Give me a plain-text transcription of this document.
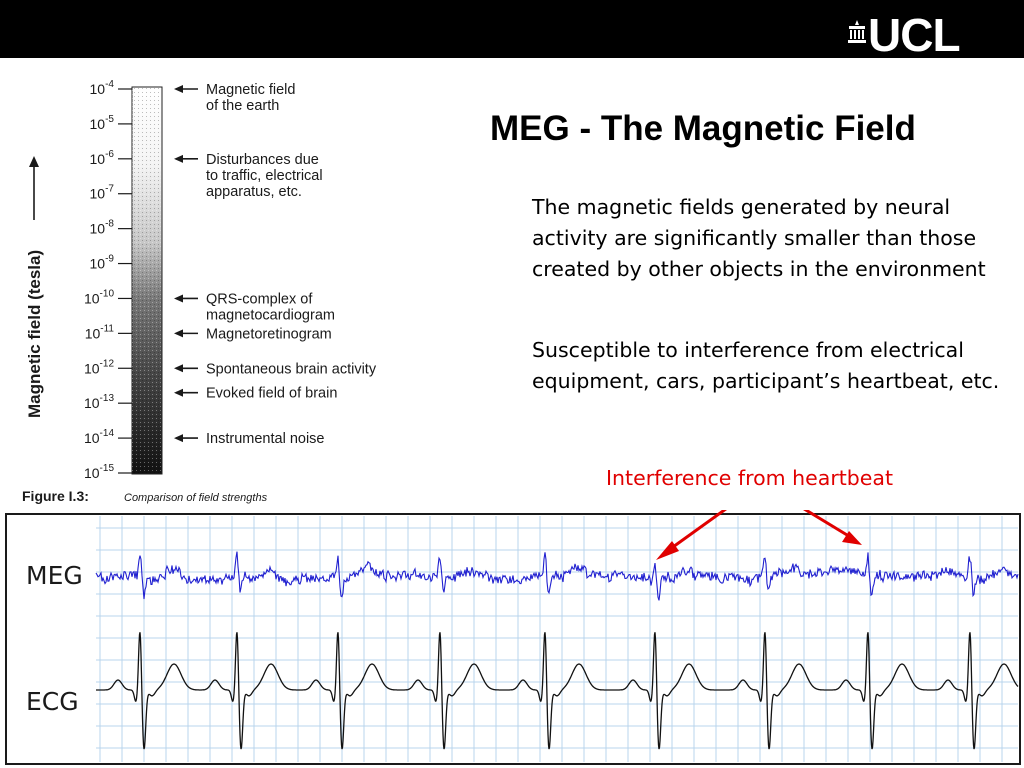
UCL
MEG - The Magnetic Field

The magnetic fields generated by neural activity are significantly smaller than those created by other objects in the environment

Susceptible to interference from electrical equipment, cars, participant’s heartbeat, etc.

Interference from heartbeat
$10^{-4}$
$10^{-5}$
$10^{-6}$
$10^{-7}$
$10^{-8}$
$10^{-9}$
$10^{-10}$
$10^{-11}$
$10^{-12}$
$10^{-13}$
$10^{-14}$
$10^{-15}$
Magnetic field
of the earth
Disturbances due
to traffic, electrical
apparatus, etc.
QRS-complex of
magnetocardiogram
Magnetoretinogram
Spontaneous brain activity
Evoked field of brain
Instrumental noise
Magnetic field (tesla)
Figure I.3:	Comparison of field strengths
MEG
ECG
